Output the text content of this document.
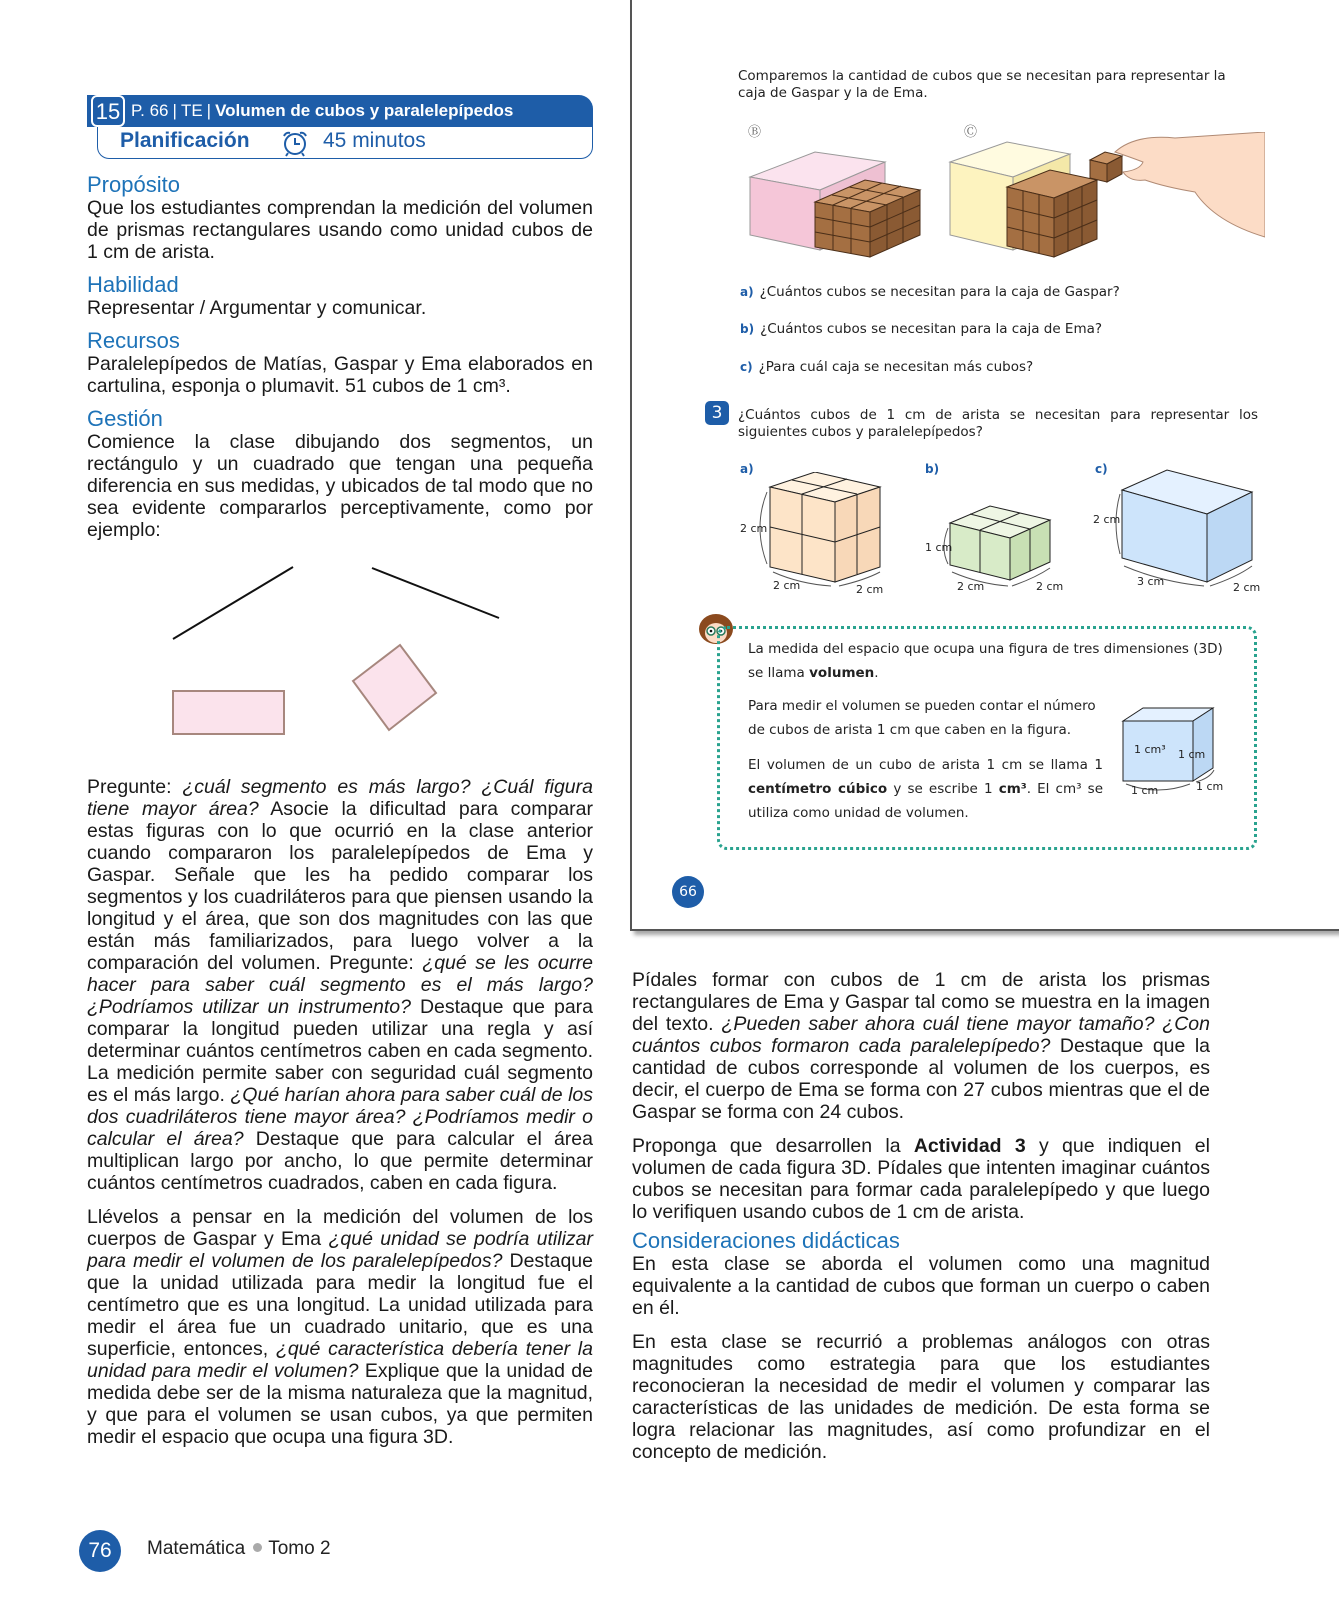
15 P. 66 | TE | Volumen de cubos y paralelepípedos
Planificación	45 minutos
Propósito
Que los estudiantes comprendan la medición del volumen de prismas rectangulares usando como unidad cubos de 1 cm de arista.
Habilidad
Representar / Argumentar y comunicar.
Recursos
Paralelepípedos de Matías, Gaspar y Ema elaborados en cartulina, esponja o plumavit. 51 cubos de 1 cm³.
Gestión
Comience la clase dibujando dos segmentos, un rectángulo y un cuadrado que tengan una pequeña diferencia en sus medidas, y ubicados de tal modo que no sea evidente compararlos perceptivamente, como por ejemplo:
Pregunte: ¿cuál segmento es más largo? ¿Cuál figura tiene mayor área? Asocie la dificultad para comparar estas figuras con lo que ocurrió en la clase anterior cuando compararon los paralelepípedos de Ema y Gaspar. Señale que les ha pedido comparar los segmentos y los cuadriláteros para que piensen usando la longitud y el área, que son dos magnitudes con las que están más familiarizados, para luego volver a la comparación del volumen. Pregunte: ¿qué se les ocurre hacer para saber cuál segmento es el más largo? ¿Podríamos utilizar un instrumento? Destaque que para comparar la longitud pueden utilizar una regla y así determinar cuántos centímetros caben en cada segmento. La medición permite saber con seguridad cuál segmento es el más largo. ¿Qué harían ahora para saber cuál de los dos cuadriláteros tiene mayor área? ¿Podríamos medir o calcular el área? Destaque que para calcular el área multiplican largo por ancho, lo que permite determinar cuántos centímetros cuadrados, caben en cada figura.
Llévelos a pensar en la medición del volumen de los cuerpos de Gaspar y Ema ¿qué unidad se podría utilizar para medir el volumen de los paralelepípedos? Destaque que la unidad utilizada para medir la longitud fue el centímetro que es una longitud. La unidad utilizada para medir el área fue un cuadrado unitario, que es una superficie, entonces, ¿qué característica debería tener la unidad para medir el volumen? Explique que la unidad de medida debe ser de la misma naturaleza que la magnitud, y que para el volumen se usan cubos, ya que permiten medir el espacio que ocupa una figura 3D.
Comparemos la cantidad de cubos que se necesitan para representar la caja de Gaspar y la de Ema.
Ⓑ	Ⓒ
a) ¿Cuántos cubos se necesitan para la caja de Gaspar?
b) ¿Cuántos cubos se necesitan para la caja de Ema?
c) ¿Para cuál caja se necesitan más cubos?
3	¿Cuántos cubos de 1 cm de arista se necesitan para representar los siguientes cubos y paralelepípedos?
a)	b)	c)
2 cm
2 cm	2 cm
1 cm
2 cm	2 cm
2 cm
3 cm	2 cm
La medida del espacio que ocupa una figura de tres dimensiones (3D) se llama volumen.
Para medir el volumen se pueden contar el número de cubos de arista 1 cm que caben en la figura.
El volumen de un cubo de arista 1 cm se llama 1 centímetro cúbico y se escribe 1 cm³. El cm³ se utiliza como unidad de volumen.
1 cm³ 1 cm
1 cm	1 cm
66
Pídales formar con cubos de 1 cm de arista los prismas rectangulares de Ema y Gaspar tal como se muestra en la imagen del texto. ¿Pueden saber ahora cuál tiene mayor tamaño? ¿Con cuántos cubos formaron cada paralelepípedo? Destaque que la cantidad de cubos corresponde al volumen de los cuerpos, es decir, el cuerpo de Ema se forma con 27 cubos mientras que el de Gaspar se forma con 24 cubos.
Proponga que desarrollen la Actividad 3 y que indiquen el volumen de cada figura 3D. Pídales que intenten imaginar cuántos cubos se necesitan para formar cada paralelepípedo y que luego lo verifiquen usando cubos de 1 cm de arista.
Consideraciones didácticas
En esta clase se aborda el volumen como una magnitud equivalente a la cantidad de cubos que forman un cuerpo o caben en él.
En esta clase se recurrió a problemas análogos con otras magnitudes como estrategia para que los estudiantes reconocieran la necesidad de medir el volumen y comparar las características de las unidades de medición. De esta forma se logra relacionar las magnitudes, así como profundizar en el concepto de medición.
76	Matemática Tomo 2
